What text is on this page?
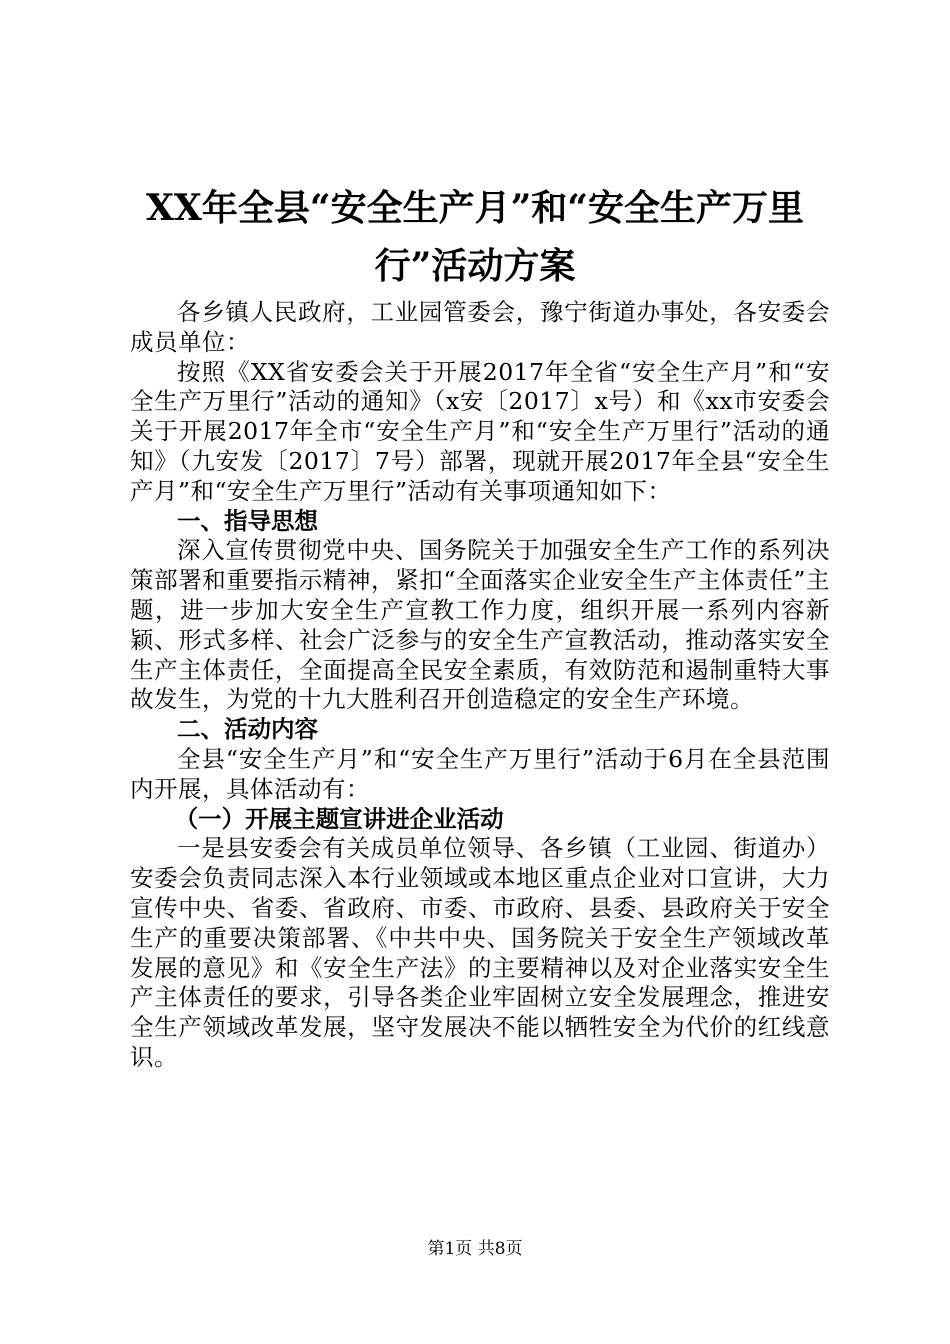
XX年全县“安全生产月”和“安全生产万里
行”活动方案

各乡镇人民政府，工业园管委会，豫宁街道办事处，各安委会成员单位：

按照《XX省安委会关于开展2017年全省“安全生产月”和“安全生产万里行”活动的通知》（x安〔2017〕x号）和《xx市安委会关于开展2017年全市“安全生产月”和“安全生产万里行”活动的通知》（九安发〔2017〕7号）部署，现就开展2017年全县“安全生产月”和“安全生产万里行”活动有关事项通知如下：

一、指导思想

深入宣传贯彻党中央、国务院关于加强安全生产工作的系列决策部署和重要指示精神，紧扣“全面落实企业安全生产主体责任”主题，进一步加大安全生产宣教工作力度，组织开展一系列内容新颖、形式多样、社会广泛参与的安全生产宣教活动，推动落实安全生产主体责任，全面提高全民安全素质，有效防范和遏制重特大事故发生，为党的十九大胜利召开创造稳定的安全生产环境。

二、活动内容

全县“安全生产月”和“安全生产万里行”活动于6月在全县范围内开展，具体活动有：

（一）开展主题宣讲进企业活动

一是县安委会有关成员单位领导、各乡镇（工业园、街道办）安委会负责同志深入本行业领域或本地区重点企业对口宣讲，大力宣传中央、省委、省政府、市委、市政府、县委、县政府关于安全生产的重要决策部署、《中共中央、国务院关于安全生产领域改革发展的意见》和《安全生产法》的主要精神以及对企业落实安全生产主体责任的要求，引导各类企业牢固树立安全发展理念，推进安全生产领域改革发展，坚守发展决不能以牺牲安全为代价的红线意识。

第1页 共8页
